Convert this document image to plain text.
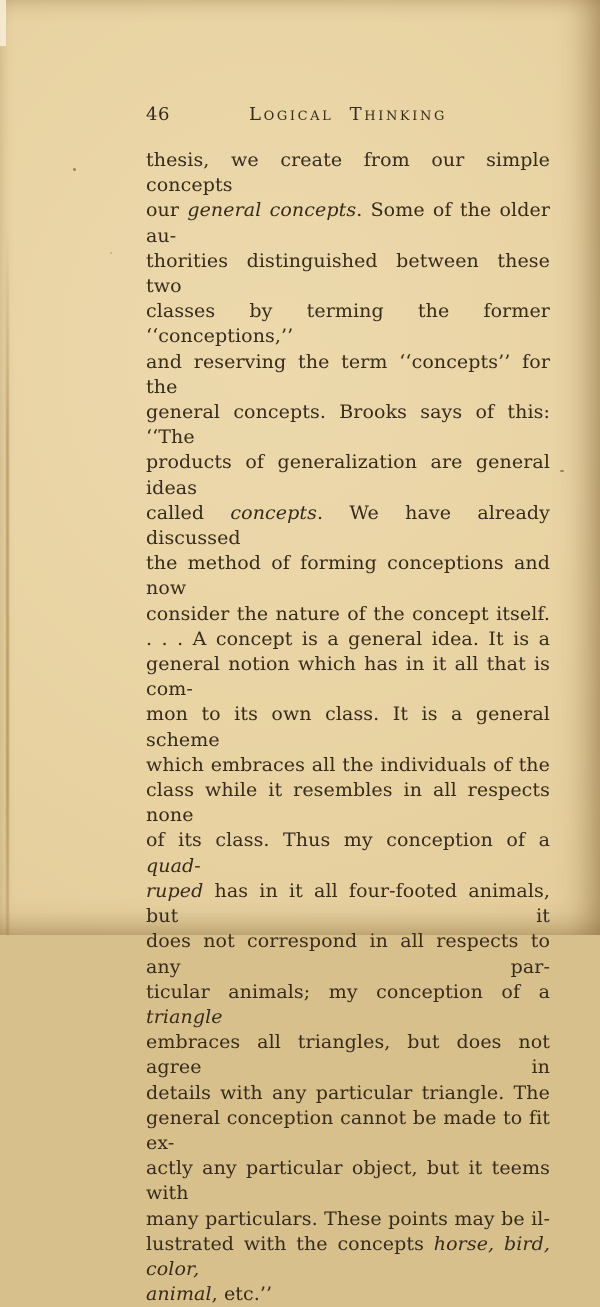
46	Logical Thinking
thesis, we create from our simple concepts
our general concepts. Some of the older au-
thorities distinguished between these two
classes by terming the former ‘‘conceptions,’’
and reserving the term ‘‘concepts’’ for the
general concepts. Brooks says of this: ‘‘The
products of generalization are general ideas
called concepts. We have already discussed
the method of forming conceptions and now
consider the nature of the concept itself.
. . . A concept is a general idea. It is a
general notion which has in it all that is com-
mon to its own class. It is a general scheme
which embraces all the individuals of the
class while it resembles in all respects none
of its class. Thus my conception of a quad-
ruped has in it all four-footed animals, but it
does not correspond in all respects to any par-
ticular animals; my conception of a triangle
embraces all triangles, but does not agree in
details with any particular triangle. The
general conception cannot be made to fit ex-
actly any particular object, but it teems with
many particulars. These points may be il-
lustrated with the concepts horse, bird, color,
animal, etc.’’
